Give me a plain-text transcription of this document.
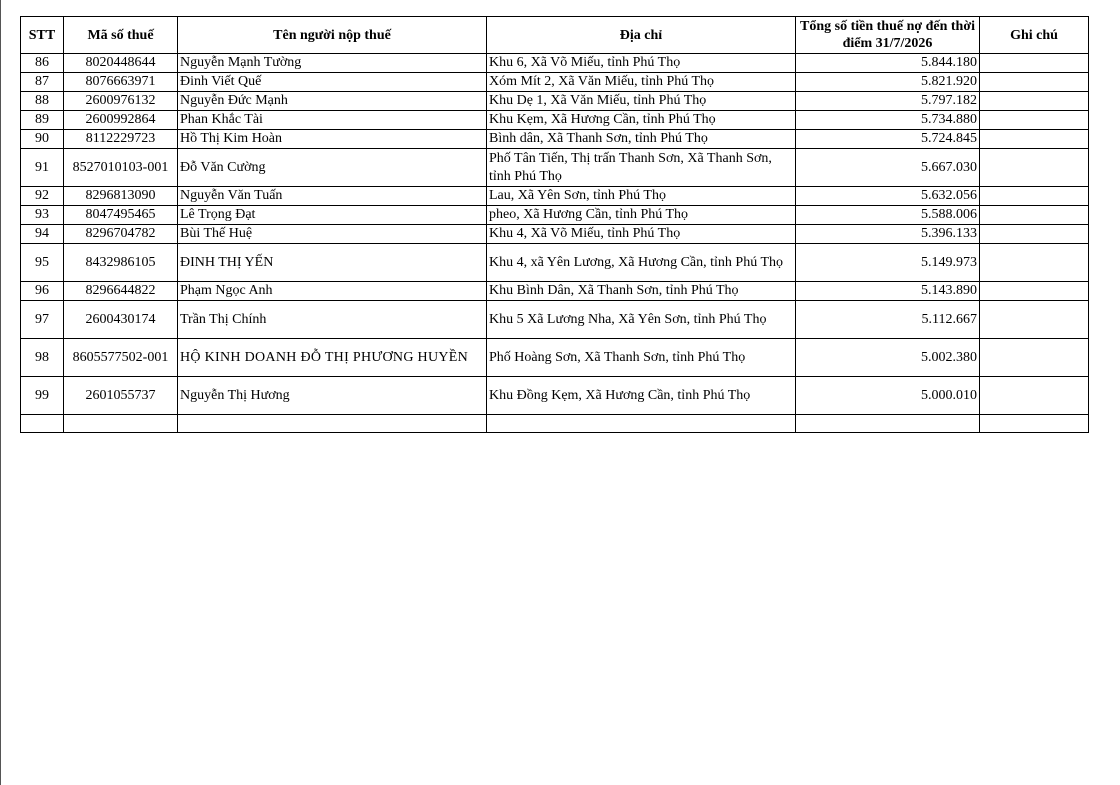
STT	Mã số thuế	Tên người nộp thuế	Địa chỉ	Tổng số tiền thuế nợ đến thời điểm 31/7/2026	Ghi chú
86	8020448644	Nguyễn Mạnh Tường	Khu 6, Xã Võ Miếu, tỉnh Phú Thọ	5.844.180	
87	8076663971	Đinh Viết Quế	Xóm Mít 2, Xã Văn Miếu, tỉnh Phú Thọ	5.821.920	
88	2600976132	Nguyễn Đức Mạnh	Khu Dẹ 1, Xã Văn Miếu, tỉnh Phú Thọ	5.797.182	
89	2600992864	Phan Khắc Tài	Khu Kẹm, Xã Hương Cần, tỉnh Phú Thọ	5.734.880	
90	8112229723	Hồ Thị Kim Hoàn	Bình dân, Xã Thanh Sơn, tỉnh Phú Thọ	5.724.845	
91	8527010103-001	Đỗ Văn Cường	Phố Tân Tiến, Thị trấn Thanh Sơn, Xã Thanh Sơn, tỉnh Phú Thọ	5.667.030	
92	8296813090	Nguyễn Văn Tuấn	Lau, Xã Yên Sơn, tỉnh Phú Thọ	5.632.056	
93	8047495465	Lê Trọng Đạt	pheo, Xã Hương Cần, tỉnh Phú Thọ	5.588.006	
94	8296704782	Bùi Thế Huệ	Khu 4, Xã Võ Miếu, tỉnh Phú Thọ	5.396.133	
95	8432986105	ĐINH THỊ YẾN	Khu 4, xã Yên Lương, Xã Hương Cần, tỉnh Phú Thọ	5.149.973	
96	8296644822	Phạm Ngọc Anh	Khu Bình Dân, Xã Thanh Sơn, tỉnh Phú Thọ	5.143.890	
97	2600430174	Trần Thị Chính	Khu 5 Xã Lương Nha, Xã Yên Sơn, tỉnh Phú Thọ	5.112.667	
98	8605577502-001	HỘ KINH DOANH ĐỖ THỊ PHƯƠNG HUYỀN	Phố Hoàng Sơn, Xã Thanh Sơn, tỉnh Phú Thọ	5.002.380	
99	2601055737	Nguyễn Thị Hương	Khu Đồng Kẹm, Xã Hương Cần, tỉnh Phú Thọ	5.000.010	
